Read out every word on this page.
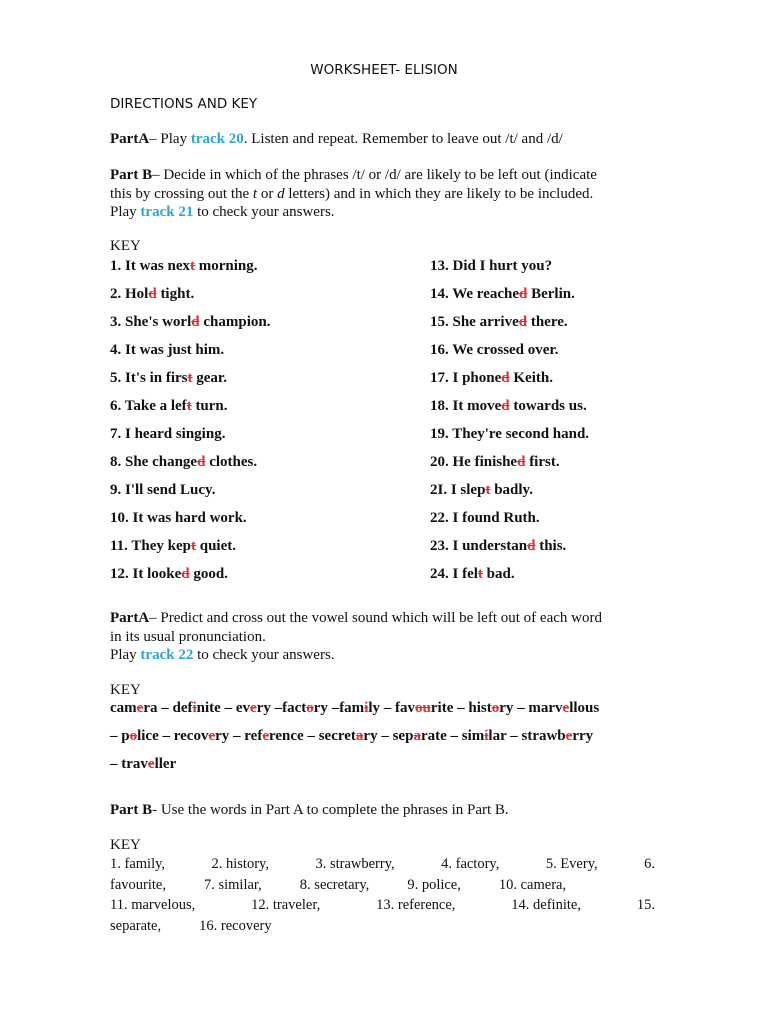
WORKSHEET- ELISION
DIRECTIONS AND KEY
PartA– Play track 20. Listen and repeat. Remember to leave out /t/ and /d/
Part B– Decide in which of the phrases /t/ or /d/ are likely to be left out (indicate
this by crossing out the t or d letters) and in which they are likely to be included.
Play track 21 to check your answers.
KEY
1. It was next morning.
2. Hold tight.
3. She's world champion.
4. It was just him.
5. It's in first gear.
6. Take a left turn.
7. I heard singing.
8. She changed clothes.
9. I'll send Lucy.
10. It was hard work.
11. They kept quiet.
12. It looked good.
13. Did I hurt you?
14. We reached Berlin.
15. She arrived there.
16. We crossed over.
17. I phoned Keith.
18. It moved towards us.
19. They're second hand.
20. He finished first.
2I. I slept badly.
22. I found Ruth.
23. I understand this.
24. I felt bad.
PartA– Predict and cross out the vowel sound which will be left out of each word
in its usual pronunciation.
Play track 22 to check your answers.
KEY
camera – definite – every –factory –family – favourite – history – marvellous
– police – recovery – reference – secretary – separate – similar – strawberry
– traveller
Part B- Use the words in Part A to complete the phrases in Part B.
KEY
1. family,	2. history,	3. strawberry,	4. factory,	5. Every,	6.
favourite,	7. similar,	8. secretary,	9. police,	10. camera,
11. marvelous,	12. traveler,	13. reference,	14. definite,	15.
separate,	16. recovery
